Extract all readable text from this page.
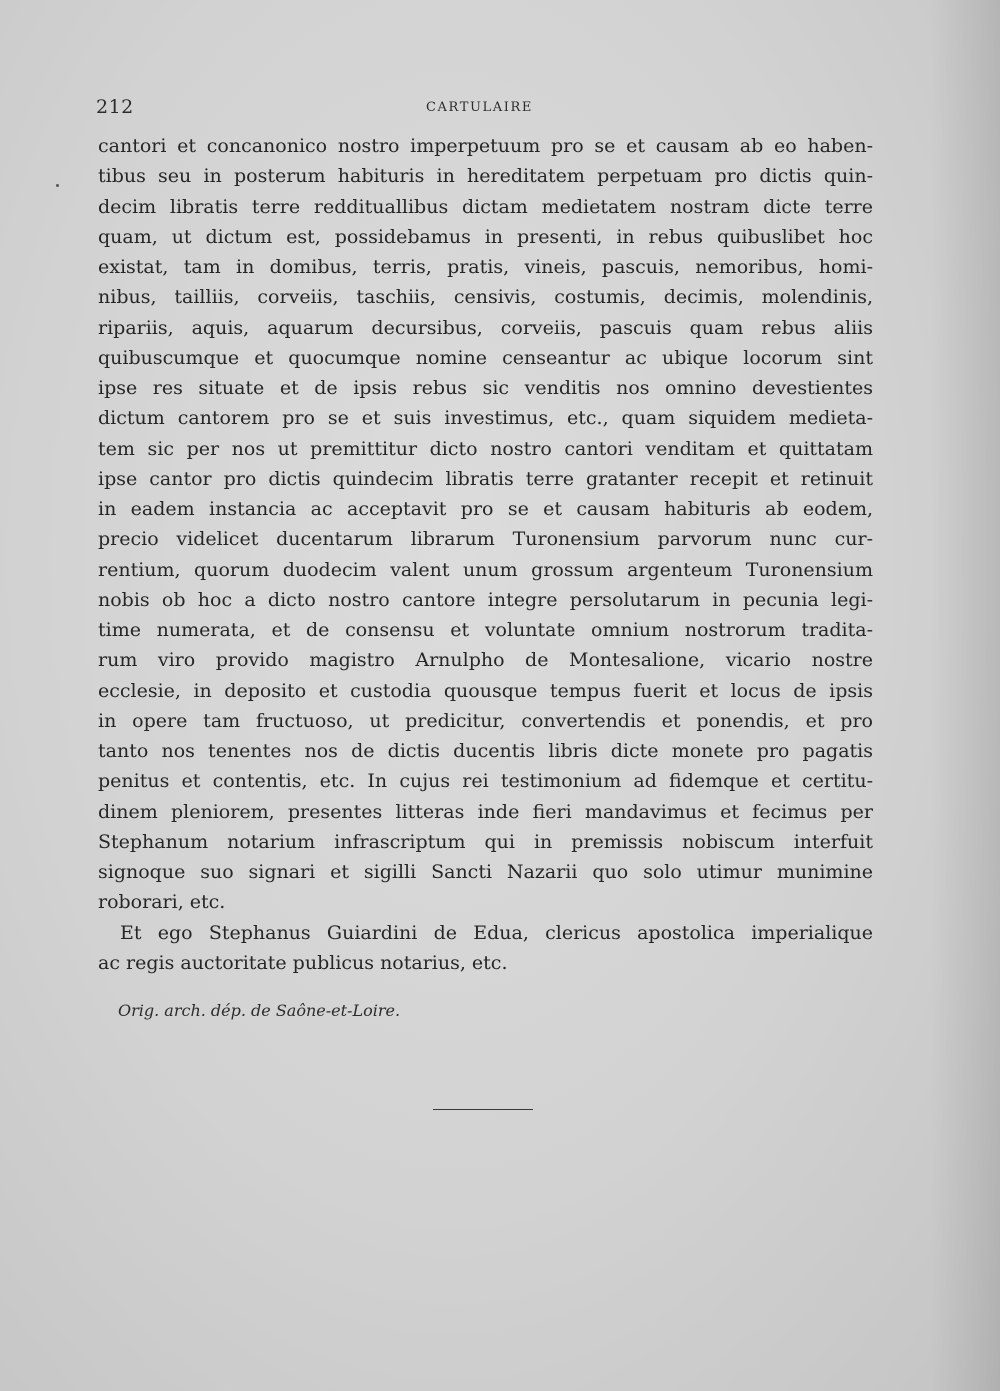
212	CARTULAIRE
cantori et concanonico nostro imperpetuum pro se et causam ab eo haben-
tibus seu in posterum habituris in hereditatem perpetuam pro dictis quin-
decim libratis terre reddituallibus dictam medietatem nostram dicte terre
quam, ut dictum est, possidebamus in presenti, in rebus quibuslibet hoc
existat, tam in domibus, terris, pratis, vineis, pascuis, nemoribus, homi-
nibus, tailliis, corveiis, taschiis, censivis, costumis, decimis, molendinis,
ripariis, aquis, aquarum decursibus, corveiis, pascuis quam rebus aliis
quibuscumque et quocumque nomine censeantur ac ubique locorum sint
ipse res situate et de ipsis rebus sic venditis nos omnino devestientes
dictum cantorem pro se et suis investimus, etc., quam siquidem medieta-
tem sic per nos ut premittitur dicto nostro cantori venditam et quittatam
ipse cantor pro dictis quindecim libratis terre gratanter recepit et retinuit
in eadem instancia ac acceptavit pro se et causam habituris ab eodem,
precio videlicet ducentarum librarum Turonensium parvorum nunc cur-
rentium, quorum duodecim valent unum grossum argenteum Turonensium
nobis ob hoc a dicto nostro cantore integre persolutarum in pecunia legi-
time numerata, et de consensu et voluntate omnium nostrorum tradita-
rum viro provido magistro Arnulpho de Montesalione, vicario nostre
ecclesie, in deposito et custodia quousque tempus fuerit et locus de ipsis
in opere tam fructuoso, ut predicitur, convertendis et ponendis, et pro
tanto nos tenentes nos de dictis ducentis libris dicte monete pro pagatis
penitus et contentis, etc. In cujus rei testimonium ad fidemque et certitu-
dinem pleniorem, presentes litteras inde fieri mandavimus et fecimus per
Stephanum notarium infrascriptum qui in premissis nobiscum interfuit
signoque suo signari et sigilli Sancti Nazarii quo solo utimur munimine
roborari, etc.
Et ego Stephanus Guiardini de Edua, clericus apostolica imperialique
ac regis auctoritate publicus notarius, etc.
Orig. arch. dép. de Saône-et-Loire.
